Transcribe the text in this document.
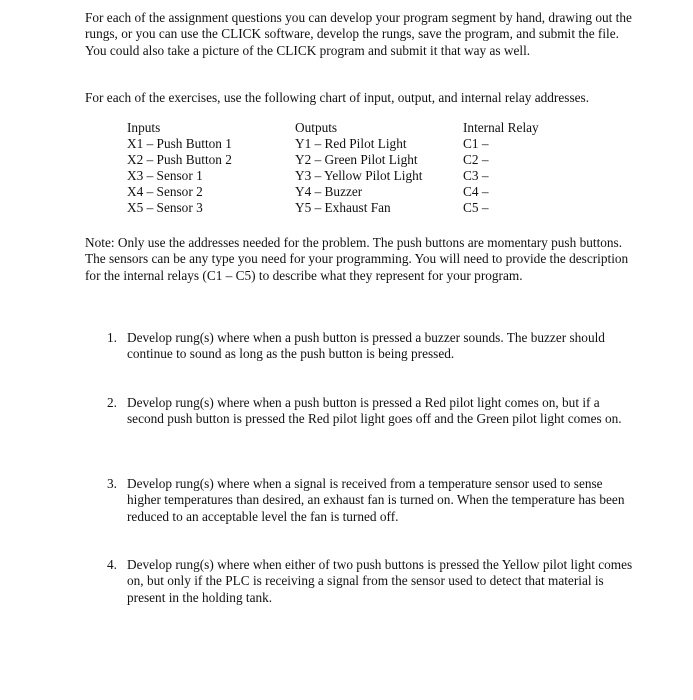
For each of the assignment questions you can develop your program segment by hand, drawing out the rungs, or you can use the CLICK software, develop the rungs, save the program, and submit the file. You could also take a picture of the CLICK program and submit it that way as well.

For each of the exercises, use the following chart of input, output, and internal relay addresses.

Inputs
X1 – Push Button 1
X2 – Push Button 2
X3 – Sensor 1
X4 – Sensor 2
X5 – Sensor 3
Outputs
Y1 – Red Pilot Light
Y2 – Green Pilot Light
Y3 – Yellow Pilot Light
Y4 – Buzzer
Y5 – Exhaust Fan
Internal Relay
C1 –
C2 –
C3 –
C4 –
C5 –

Note: Only use the addresses needed for the problem. The push buttons are momentary push buttons. The sensors can be any type you need for your programming. You will need to provide the description for the internal relays (C1 – C5) to describe what they represent for your program.

1. Develop rung(s) where when a push button is pressed a buzzer sounds. The buzzer should continue to sound as long as the push button is being pressed.
2. Develop rung(s) where when a push button is pressed a Red pilot light comes on, but if a second push button is pressed the Red pilot light goes off and the Green pilot light comes on.
3. Develop rung(s) where when a signal is received from a temperature sensor used to sense higher temperatures than desired, an exhaust fan is turned on. When the temperature has been reduced to an acceptable level the fan is turned off.
4. Develop rung(s) where when either of two push buttons is pressed the Yellow pilot light comes on, but only if the PLC is receiving a signal from the sensor used to detect that material is present in the holding tank.
